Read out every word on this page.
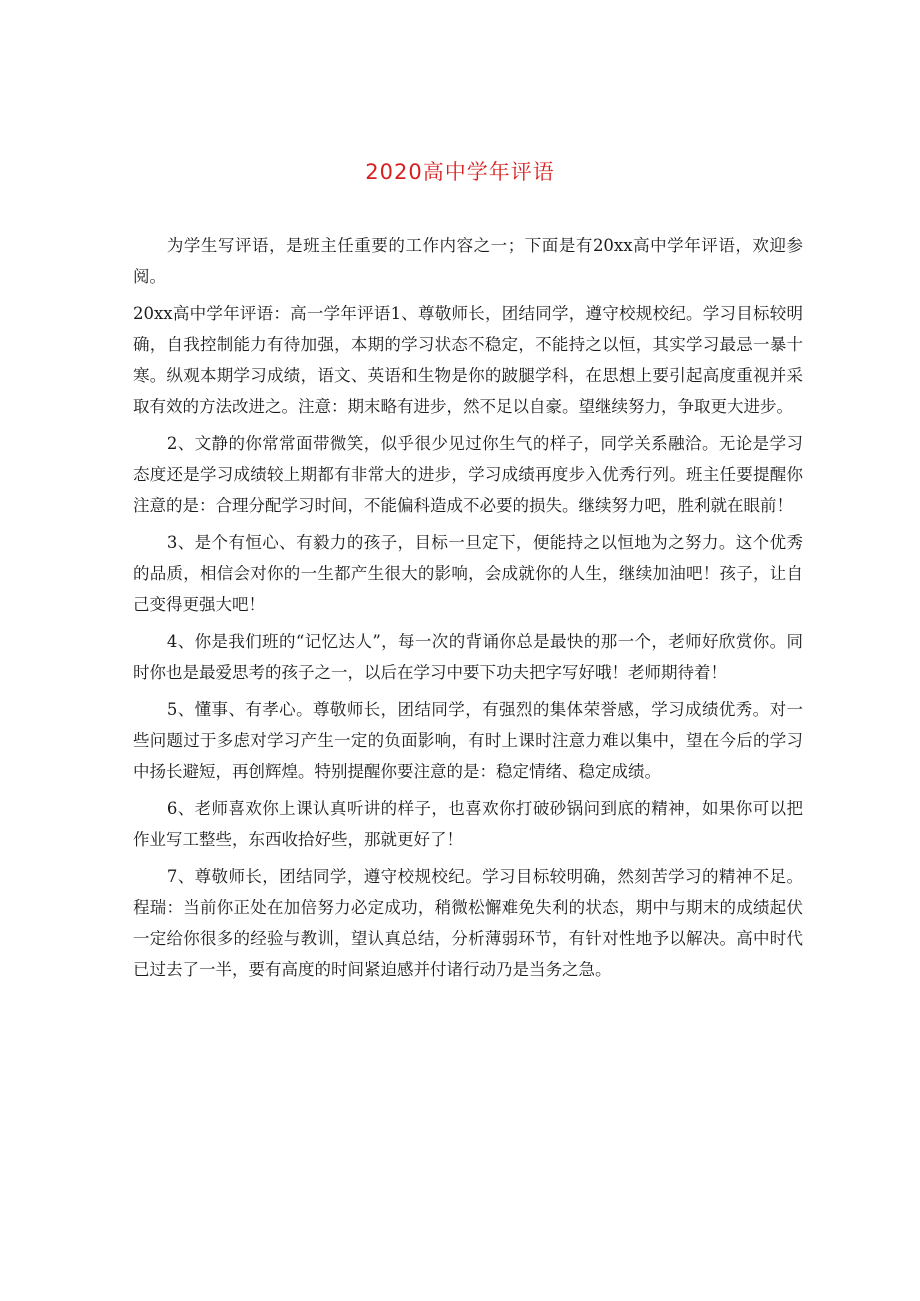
2020高中学年评语

为学生写评语，是班主任重要的工作内容之一；下面是有20xx高中学年评语，欢迎参阅。

20xx高中学年评语：高一学年评语1、尊敬师长，团结同学，遵守校规校纪。学习目标较明确，自我控制能力有待加强，本期的学习状态不稳定，不能持之以恒，其实学习最忌一暴十寒。纵观本期学习成绩，语文、英语和生物是你的跛腿学科，在思想上要引起高度重视并采取有效的方法改进之。注意：期末略有进步，然不足以自豪。望继续努力，争取更大进步。

2、文静的你常常面带微笑，似乎很少见过你生气的样子，同学关系融洽。无论是学习态度还是学习成绩较上期都有非常大的进步，学习成绩再度步入优秀行列。班主任要提醒你注意的是：合理分配学习时间，不能偏科造成不必要的损失。继续努力吧，胜利就在眼前！

3、是个有恒心、有毅力的孩子，目标一旦定下，便能持之以恒地为之努力。这个优秀的品质，相信会对你的一生都产生很大的影响，会成就你的人生，继续加油吧！孩子，让自己变得更强大吧！

4、你是我们班的“记忆达人”，每一次的背诵你总是最快的那一个，老师好欣赏你。同时你也是最爱思考的孩子之一，以后在学习中要下功夫把字写好哦！老师期待着！

5、懂事、有孝心。尊敬师长，团结同学，有强烈的集体荣誉感，学习成绩优秀。对一些问题过于多虑对学习产生一定的负面影响，有时上课时注意力难以集中，望在今后的学习中扬长避短，再创辉煌。特别提醒你要注意的是：稳定情绪、稳定成绩。

6、老师喜欢你上课认真听讲的样子，也喜欢你打破砂锅问到底的精神，如果你可以把作业写工整些，东西收拾好些，那就更好了！

7、尊敬师长，团结同学，遵守校规校纪。学习目标较明确，然刻苦学习的精神不足。程瑞：当前你正处在加倍努力必定成功，稍微松懈难免失利的状态，期中与期末的成绩起伏一定给你很多的经验与教训，望认真总结，分析薄弱环节，有针对性地予以解决。高中时代已过去了一半，要有高度的时间紧迫感并付诸行动乃是当务之急。
